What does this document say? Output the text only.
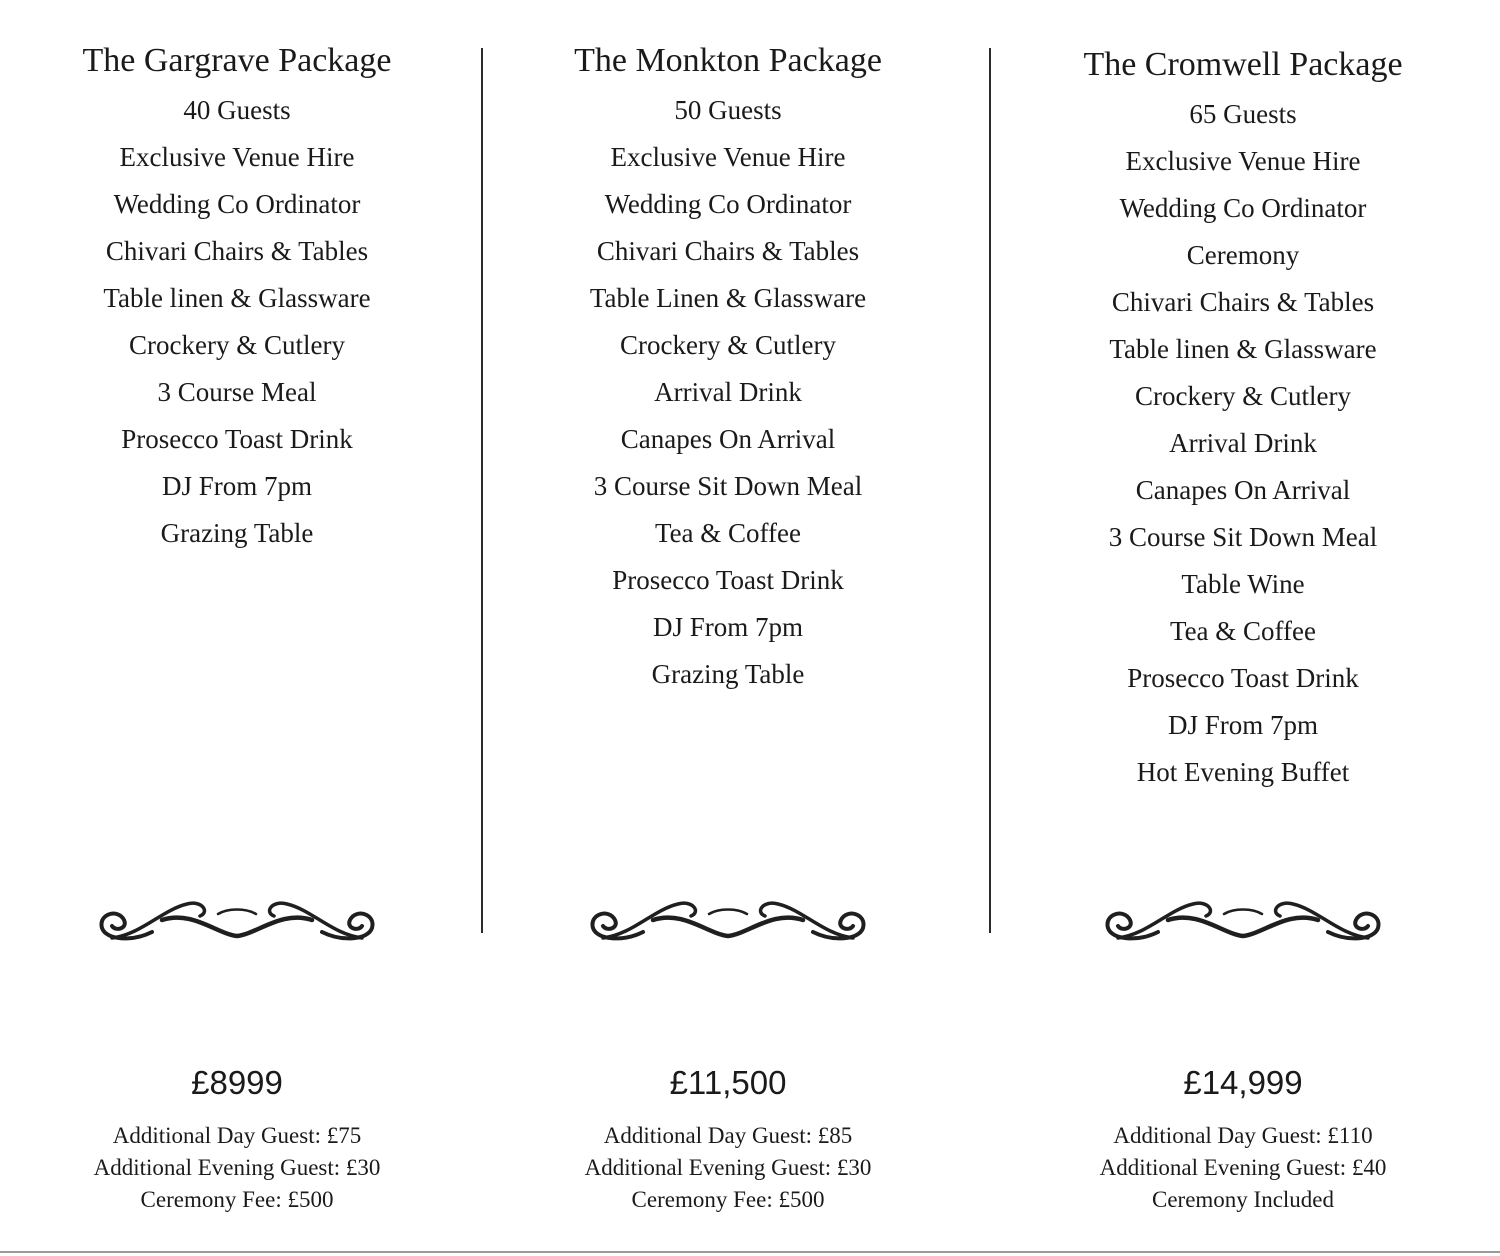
The Gargrave Package
40 Guests
Exclusive Venue Hire
Wedding Co Ordinator
Chivari Chairs & Tables
Table linen & Glassware
Crockery & Cutlery
3 Course Meal
Prosecco Toast Drink
DJ From 7pm
Grazing Table
£8999
Additional Day Guest: £75
Additional Evening Guest: £30
Ceremony Fee: £500
The Monkton Package
50 Guests
Exclusive Venue Hire
Wedding Co Ordinator
Chivari Chairs & Tables
Table Linen & Glassware
Crockery & Cutlery
Arrival Drink
Canapes On Arrival
3 Course Sit Down Meal
Tea & Coffee
Prosecco Toast Drink
DJ From 7pm
Grazing Table
£11,500
Additional Day Guest: £85
Additional Evening Guest: £30
Ceremony Fee: £500
The Cromwell Package
65 Guests
Exclusive Venue Hire
Wedding Co Ordinator
Ceremony
Chivari Chairs & Tables
Table linen & Glassware
Crockery & Cutlery
Arrival Drink
Canapes On Arrival
3 Course Sit Down Meal
Table Wine
Tea & Coffee
Prosecco Toast Drink
DJ From 7pm
Hot Evening Buffet
£14,999
Additional Day Guest: £110
Additional Evening Guest: £40
Ceremony Included
